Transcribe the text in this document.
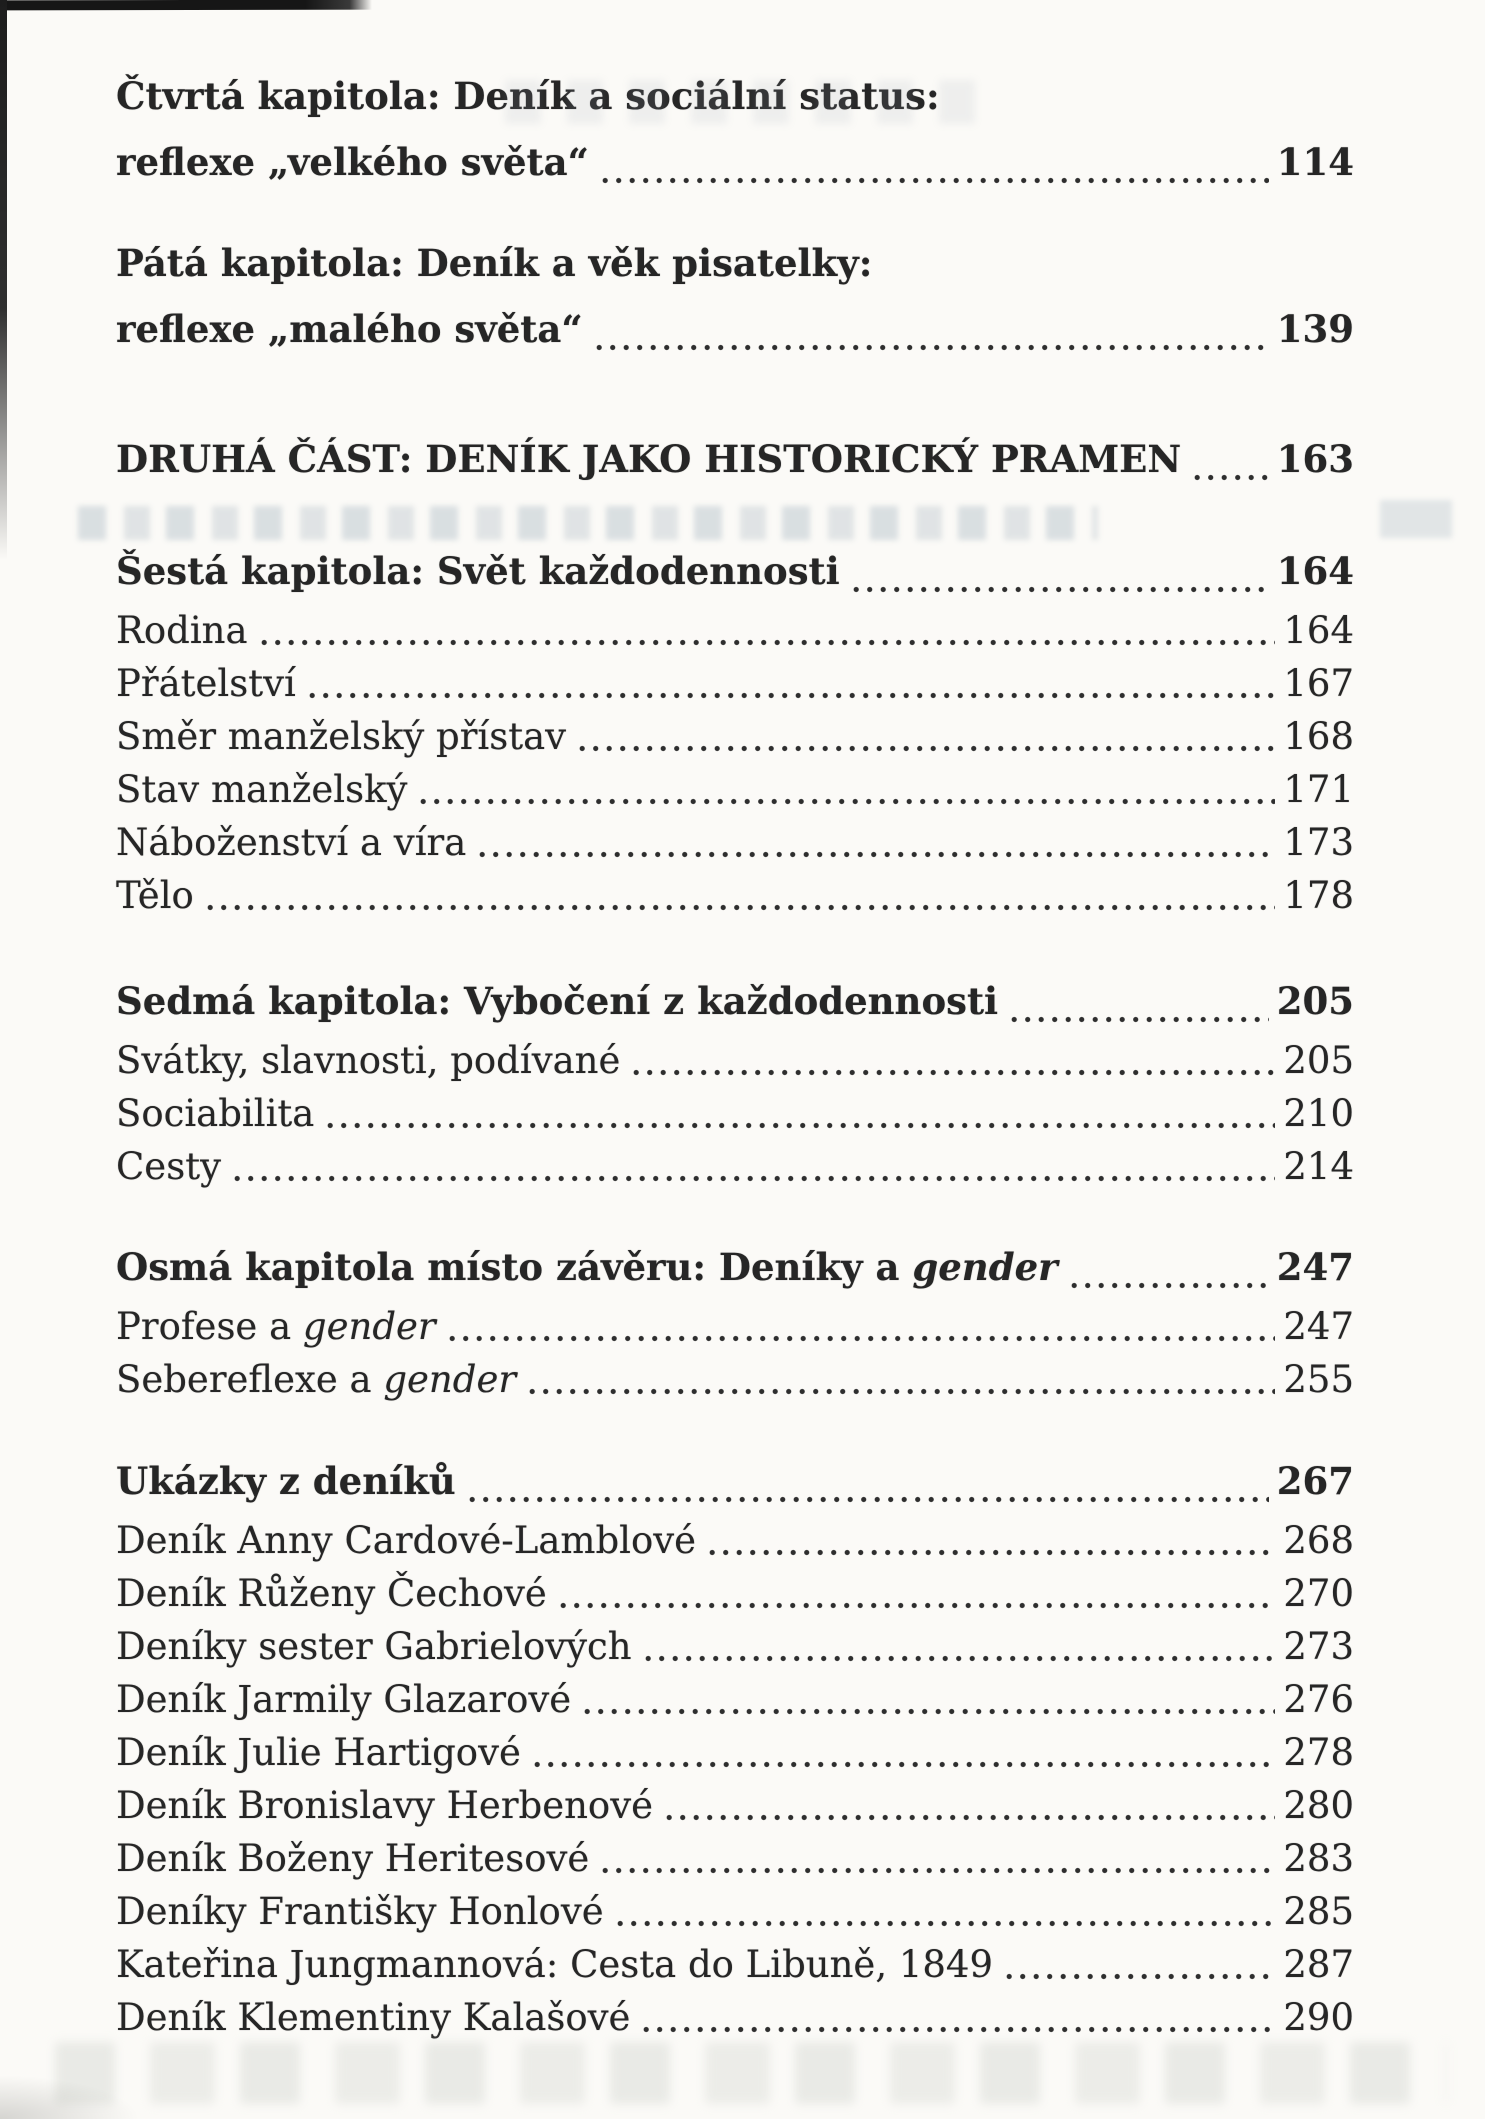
Čtvrtá kapitola: Deník a sociální status:
reflexe „velkého světa“	114
Pátá kapitola: Deník a věk pisatelky:
reflexe „malého světa“	139
DRUHÁ ČÁST: DENÍK JAKO HISTORICKÝ PRAMEN	163
Šestá kapitola: Svět každodennosti	164
Rodina	164
Přátelství	167
Směr manželský přístav	168
Stav manželský	171
Náboženství a víra	173
Tělo	178
Sedmá kapitola: Vybočení z každodennosti	205
Svátky, slavnosti, podívané	205
Sociabilita	210
Cesty	214
Osmá kapitola místo závěru: Deníky a gender	247
Profese a gender	247
Sebereflexe a gender	255
Ukázky z deníků	267
Deník Anny Cardové-Lamblové	268
Deník Růženy Čechové	270
Deníky sester Gabrielových	273
Deník Jarmily Glazarové	276
Deník Julie Hartigové	278
Deník Bronislavy Herbenové	280
Deník Boženy Heritesové	283
Deníky Františky Honlové	285
Kateřina Jungmannová: Cesta do Libuně, 1849	287
Deník Klementiny Kalašové	290
